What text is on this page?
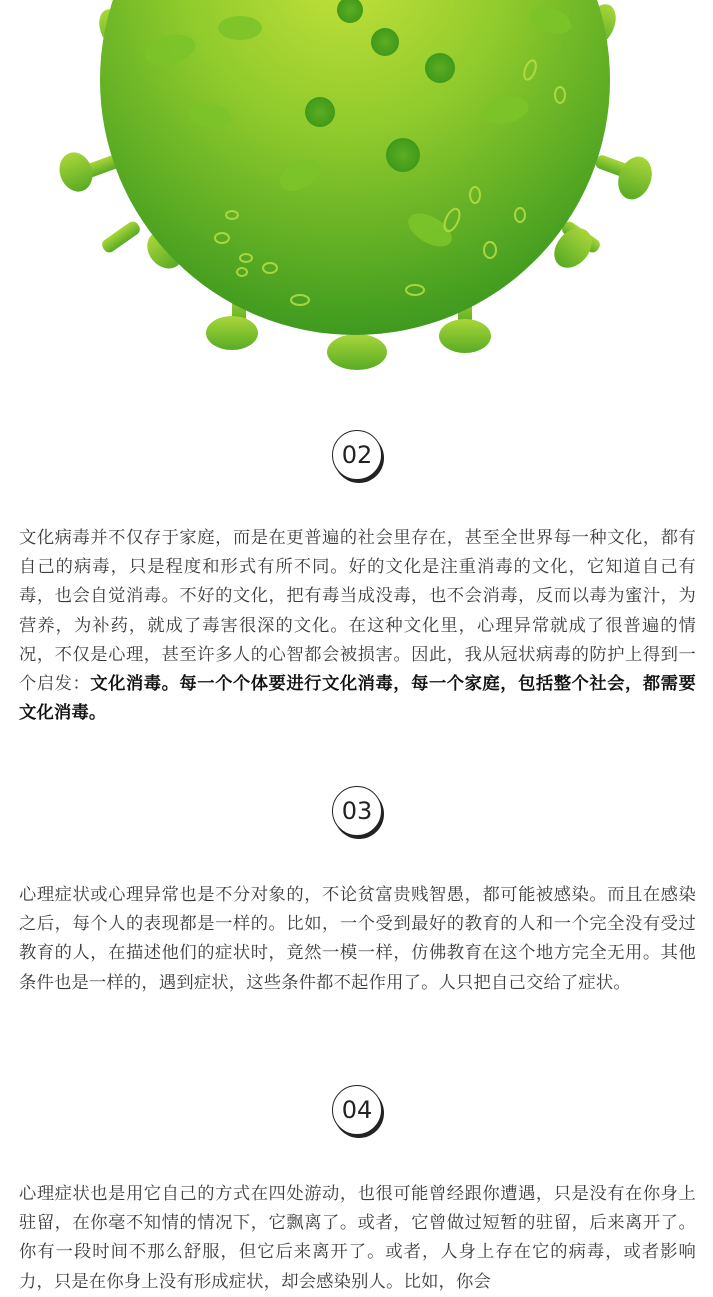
02

文化病毒并不仅存于家庭，而是在更普遍的社会里存在，甚至全世界每一种文化，都有自己的病毒，只是程度和形式有所不同。好的文化是注重消毒的文化，它知道自己有毒，也会自觉消毒。不好的文化，把有毒当成没毒，也不会消毒，反而以毒为蜜汁，为营养，为补药，就成了毒害很深的文化。在这种文化里，心理异常就成了很普遍的情况，不仅是心理，甚至许多人的心智都会被损害。因此，我从冠状病毒的防护上得到一个启发：文化消毒。每一个个体要进行文化消毒，每一个家庭，包括整个社会，都需要文化消毒。

03

心理症状或心理异常也是不分对象的，不论贫富贵贱智愚，都可能被感染。而且在感染之后，每个人的表现都是一样的。比如，一个受到最好的教育的人和一个完全没有受过教育的人，在描述他们的症状时，竟然一模一样，仿佛教育在这个地方完全无用。其他条件也是一样的，遇到症状，这些条件都不起作用了。人只把自己交给了症状。

04

心理症状也是用它自己的方式在四处游动，也很可能曾经跟你遭遇，只是没有在你身上驻留，在你毫不知情的情况下，它飘离了。或者，它曾做过短暂的驻留，后来离开了。你有一段时间不那么舒服，但它后来离开了。或者，人身上存在它的病毒，或者影响力，只是在你身上没有形成症状，却会感染别人。比如，你会
